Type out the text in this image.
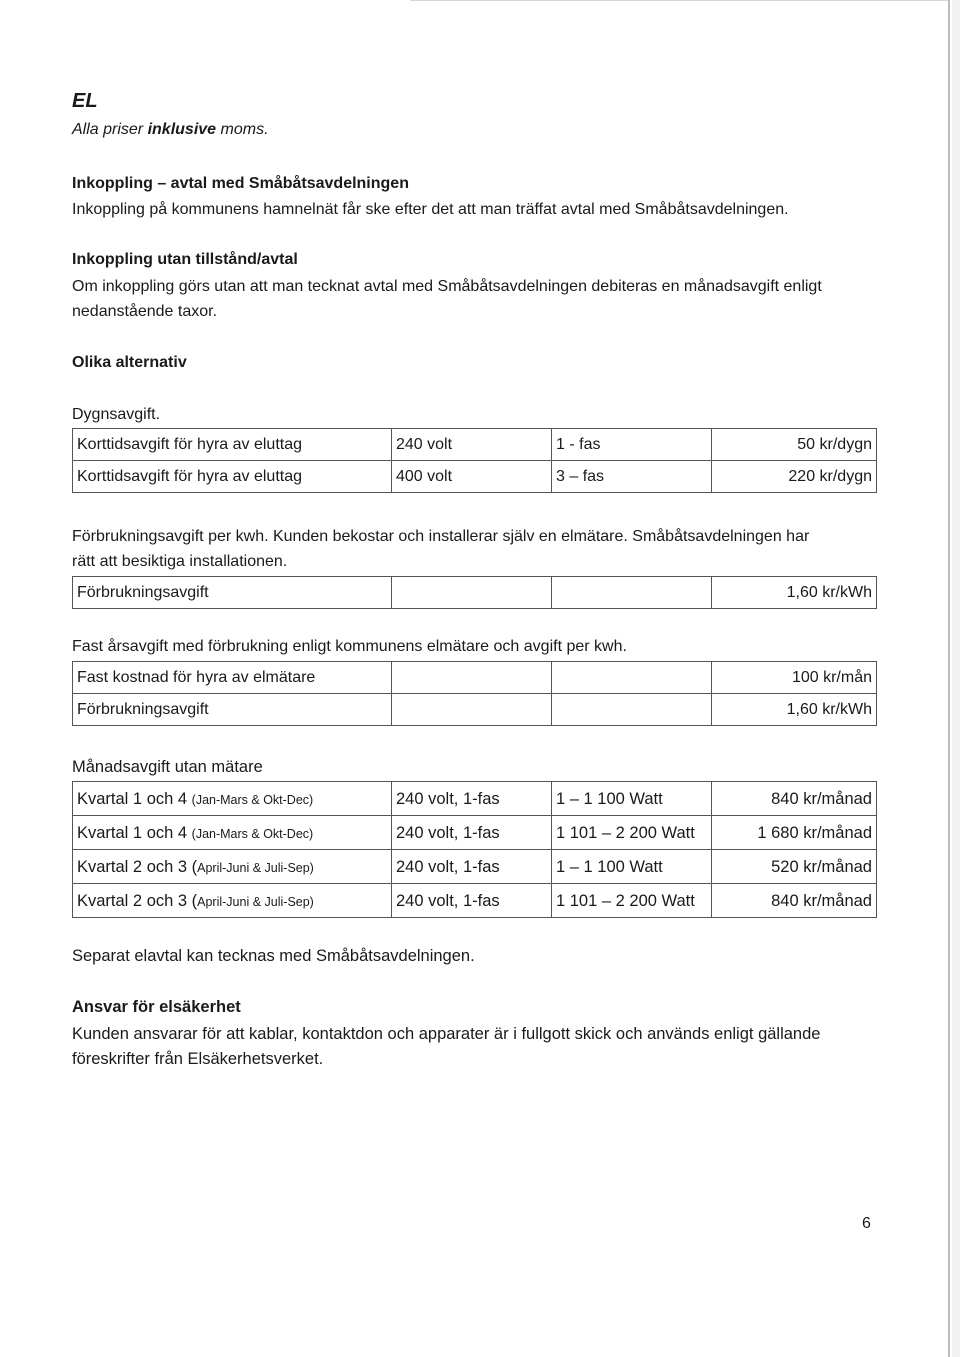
EL
Alla priser inklusive moms.
Inkoppling – avtal med Småbåtsavdelningen
Inkoppling på kommunens hamnelnät får ske efter det att man träffat avtal med Småbåtsavdelningen.
Inkoppling utan tillstånd/avtal
Om inkoppling görs utan att man tecknat avtal med Småbåtsavdelningen debiteras en månadsavgift enligt
nedanstående taxor.
Olika alternativ
Dygnsavgift.
Korttidsavgift för hyra av eluttag	240 volt	1 - fas	50 kr/dygn
Korttidsavgift för hyra av eluttag	400 volt	3 – fas	220 kr/dygn
Förbrukningsavgift per kwh. Kunden bekostar och installerar själv en elmätare. Småbåtsavdelningen har
rätt att besiktiga installationen.
Förbrukningsavgift			1,60 kr/kWh
Fast årsavgift med förbrukning enligt kommunens elmätare och avgift per kwh.
Fast kostnad för hyra av elmätare			100 kr/mån
Förbrukningsavgift			1,60 kr/kWh
Månadsavgift utan mätare
Kvartal 1 och 4 (Jan-Mars & Okt-Dec)	240 volt, 1-fas	1 – 1 100 Watt	840 kr/månad
Kvartal 1 och 4 (Jan-Mars & Okt-Dec)	240 volt, 1-fas	1 101 – 2 200 Watt	1 680 kr/månad
Kvartal 2 och 3 (April-Juni & Juli-Sep)	240 volt, 1-fas	1 – 1 100 Watt	520 kr/månad
Kvartal 2 och 3 (April-Juni & Juli-Sep)	240 volt, 1-fas	1 101 – 2 200 Watt	840 kr/månad
Separat elavtal kan tecknas med Småbåtsavdelningen.
Ansvar för elsäkerhet
Kunden ansvarar för att kablar, kontaktdon och apparater är i fullgott skick och används enligt gällande
föreskrifter från Elsäkerhetsverket.
6
